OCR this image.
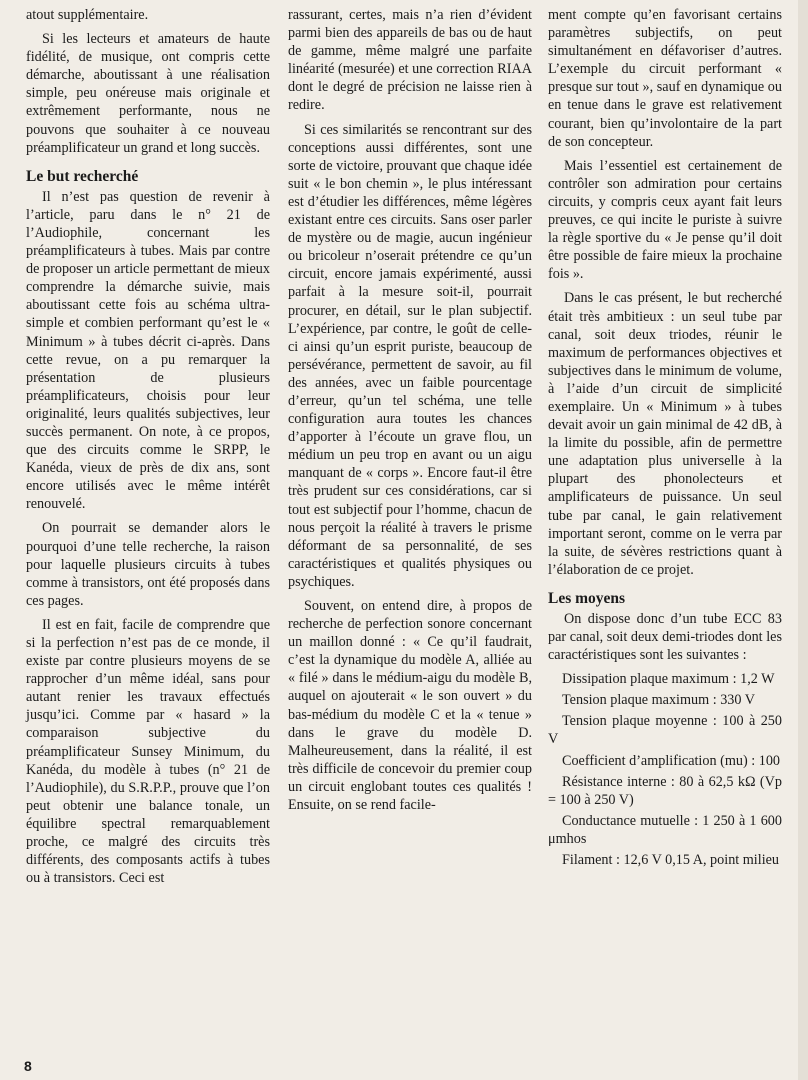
atout supplémentaire.

Si les lecteurs et amateurs de haute fidélité, de musique, ont compris cette démarche, aboutissant à une réalisation simple, peu onéreuse mais originale et extrêmement performante, nous ne pouvons que souhaiter à ce nouveau préamplificateur un grand et long succès.

Le but recherché

Il n’est pas question de revenir à l’article, paru dans le n° 21 de l’Audiophile, concernant les préamplificateurs à tubes. Mais par contre de proposer un article permettant de mieux comprendre la démarche suivie, mais aboutissant cette fois au schéma ultra-simple et combien performant qu’est le « Minimum » à tubes décrit ci-après. Dans cette revue, on a pu remarquer la présentation de plusieurs préamplificateurs, choisis pour leur originalité, leurs qualités subjectives, leur succès permanent. On note, à ce propos, que des circuits comme le SRPP, le Kanéda, vieux de près de dix ans, sont encore utilisés avec le même intérêt renouvelé.

On pourrait se demander alors le pourquoi d’une telle recherche, la raison pour laquelle plusieurs circuits à tubes comme à transistors, ont été proposés dans ces pages.

Il est en fait, facile de comprendre que si la perfection n’est pas de ce monde, il existe par contre plusieurs moyens de se rapprocher d’un même idéal, sans pour autant renier les travaux effectués jusqu’ici. Comme par « hasard » la comparaison subjective du préamplificateur Sunsey Minimum, du Kanéda, du modèle à tubes (n° 21 de l’Audiophile), du S.R.P.P., prouve que l’on peut obtenir une balance tonale, un équilibre spectral remarquablement proche, ce malgré des circuits très différents, des composants actifs à tubes ou à transistors. Ceci est

rassurant, certes, mais n’a rien d’évident parmi bien des appareils de bas ou de haut de gamme, même malgré une parfaite linéarité (mesurée) et une correction RIAA dont le degré de précision ne laisse rien à redire.

Si ces similarités se rencontrant sur des conceptions aussi différentes, sont une sorte de victoire, prouvant que chaque idée suit « le bon chemin », le plus intéressant est d’étudier les différences, même légères existant entre ces circuits. Sans oser parler de mystère ou de magie, aucun ingénieur ou bricoleur n’oserait prétendre ce qu’un circuit, encore jamais expérimenté, aussi parfait à la mesure soit-il, pourrait procurer, en détail, sur le plan subjectif. L’expérience, par contre, le goût de celle-ci ainsi qu’un esprit puriste, beaucoup de persévérance, permettent de savoir, au fil des années, avec un faible pourcentage d’erreur, qu’un tel schéma, une telle configuration aura toutes les chances d’apporter à l’écoute un grave flou, un médium un peu trop en avant ou un aigu manquant de « corps ». Encore faut-il être très prudent sur ces considérations, car si tout est subjectif pour l’homme, chacun de nous perçoit la réalité à travers le prisme déformant de sa personnalité, de ses caractéristiques et qualités physiques ou psychiques.

Souvent, on entend dire, à propos de recherche de perfection sonore concernant un maillon donné : « Ce qu’il faudrait, c’est la dynamique du modèle A, alliée au « filé » dans le médium-aigu du modèle B, auquel on ajouterait « le son ouvert » du bas-médium du modèle C et la « tenue » dans le grave du modèle D. Malheureusement, dans la réalité, il est très difficile de concevoir du premier coup un circuit englobant toutes ces qualités ! Ensuite, on se rend facile-

ment compte qu’en favorisant certains paramètres subjectifs, on peut simultanément en défavoriser d’autres. L’exemple du circuit performant « presque sur tout », sauf en dynamique ou en tenue dans le grave est relativement courant, bien qu’involontaire de la part de son concepteur.

Mais l’essentiel est certainement de contrôler son admiration pour certains circuits, y compris ceux ayant fait leurs preuves, ce qui incite le puriste à suivre la règle sportive du « Je pense qu’il doit être possible de faire mieux la prochaine fois ».

Dans le cas présent, le but recherché était très ambitieux : un seul tube par canal, soit deux triodes, réunir le maximum de performances objectives et subjectives dans le minimum de volume, à l’aide d’un circuit de simplicité exemplaire. Un « Minimum » à tubes devait avoir un gain minimal de 42 dB, à la limite du possible, afin de permettre une adaptation plus universelle à la plupart des phonolecteurs et amplificateurs de puissance. Un seul tube par canal, le gain relativement important seront, comme on le verra par la suite, de sévères restrictions quant à l’élaboration de ce projet.

Les moyens

On dispose donc d’un tube ECC 83 par canal, soit deux demi-triodes dont les caractéristiques sont les suivantes :

Dissipation plaque maximum : 1,2 W

Tension plaque maximum : 330 V

Tension plaque moyenne : 100 à 250 V

Coefficient d’amplification (mu) : 100

Résistance interne : 80 à 62,5 kΩ (Vp = 100 à 250 V)

Conductance mutuelle : 1 250 à 1 600 μmhos

Filament : 12,6 V 0,15 A, point milieu

8
